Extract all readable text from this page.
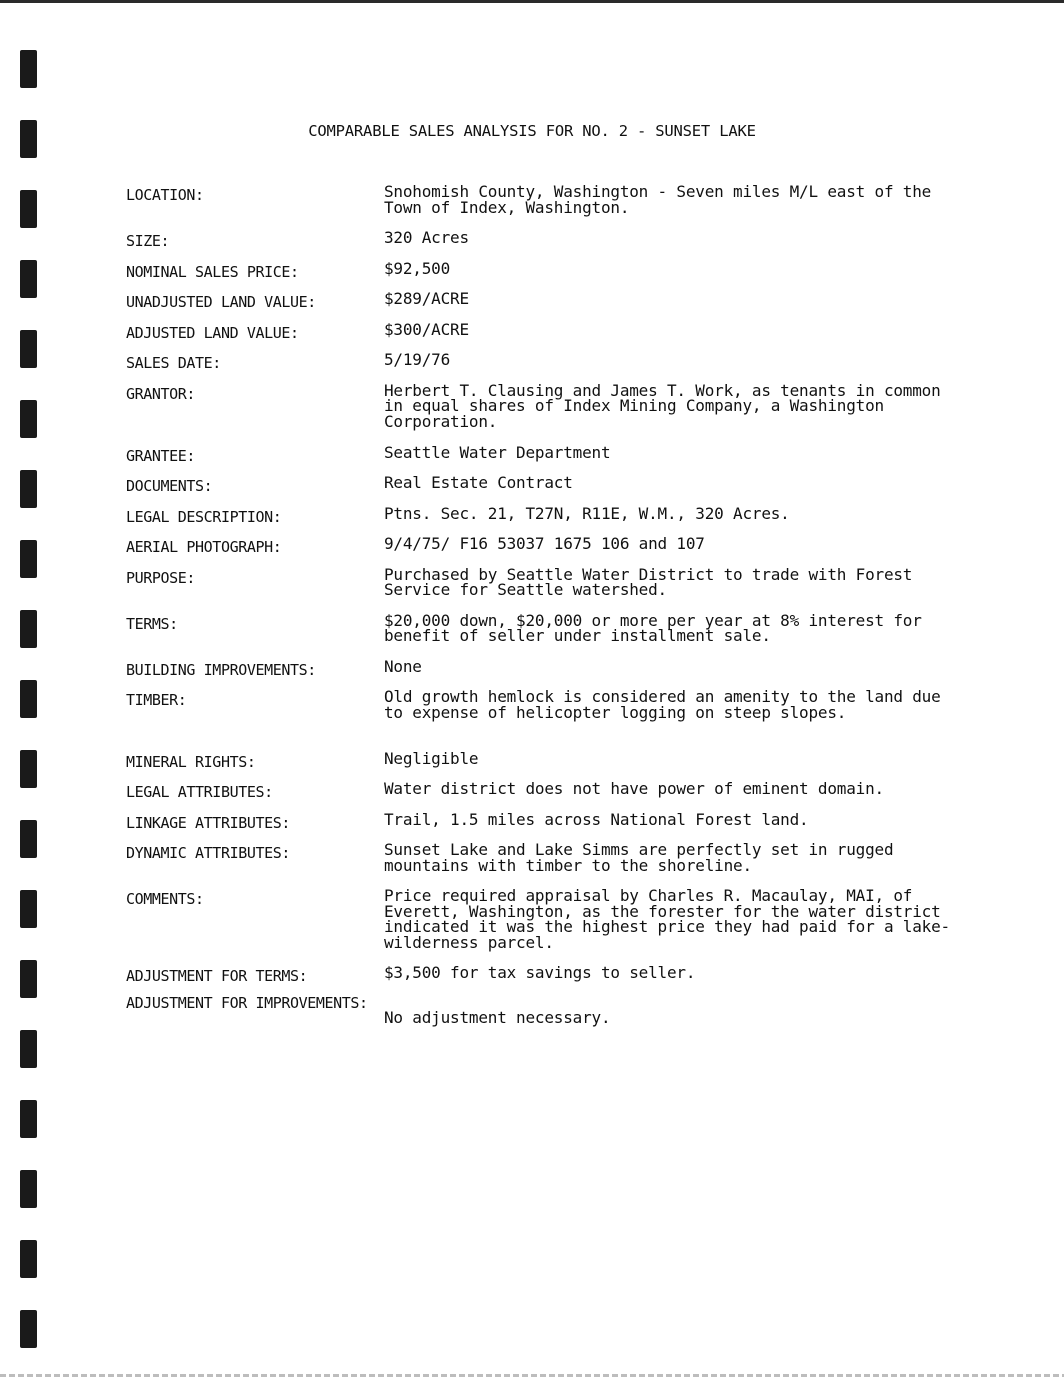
COMPARABLE SALES ANALYSIS FOR NO. 2 - SUNSET LAKE
LOCATION:	Snohomish County, Washington - Seven miles M/L east of the Town of Index, Washington.
SIZE:	320 Acres
NOMINAL SALES PRICE:	$92,500
UNADJUSTED LAND VALUE:	$289/ACRE
ADJUSTED LAND VALUE:	$300/ACRE
SALES DATE:	5/19/76
GRANTOR:	Herbert T. Clausing and James T. Work, as tenants in common in equal shares of Index Mining Company, a Washington Corporation.
GRANTEE:	Seattle Water Department
DOCUMENTS:	Real Estate Contract
LEGAL DESCRIPTION:	Ptns. Sec. 21, T27N, R11E, W.M., 320 Acres.
AERIAL PHOTOGRAPH:	9/4/75/ F16 53037 1675 106 and 107
PURPOSE:	Purchased by Seattle Water District to trade with Forest Service for Seattle watershed.
TERMS:	$20,000 down, $20,000 or more per year at 8% interest for benefit of seller under installment sale.
BUILDING IMPROVEMENTS:	None
TIMBER:	Old growth hemlock is considered an amenity to the land due to expense of helicopter logging on steep slopes.
MINERAL RIGHTS:	Negligible
LEGAL ATTRIBUTES:	Water district does not have power of eminent domain.
LINKAGE ATTRIBUTES:	Trail, 1.5 miles across National Forest land.
DYNAMIC ATTRIBUTES:	Sunset Lake and Lake Simms are perfectly set in rugged mountains with timber to the shoreline.
COMMENTS:	Price required appraisal by Charles R. Macaulay, MAI, of Everett, Washington, as the forester for the water district indicated it was the highest price they had paid for a lake-wilderness parcel.
ADJUSTMENT FOR TERMS:	$3,500 for tax savings to seller.
ADJUSTMENT FOR IMPROVEMENTS:
No adjustment necessary.
